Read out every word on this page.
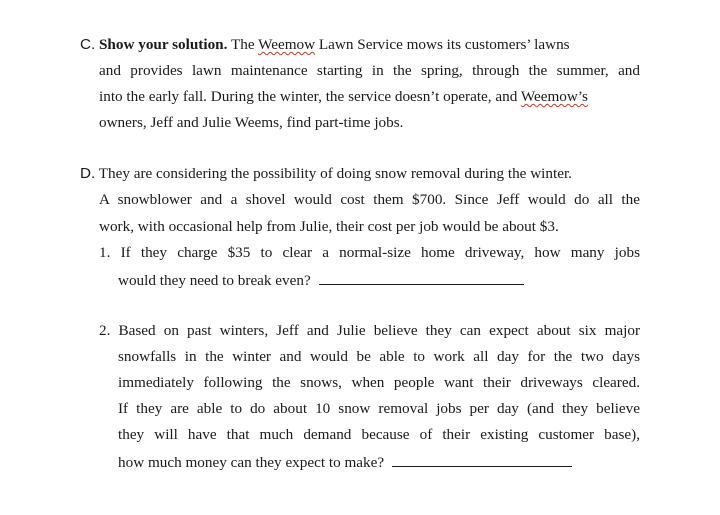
C. Show your solution. The Weemow Lawn Service mows its customers’ lawns
and provides lawn maintenance starting in the spring, through the summer, and
into the early fall. During the winter, the service doesn’t operate, and Weemow’s
owners, Jeff and Julie Weems, find part-time jobs.
D. They are considering the possibility of doing snow removal during the winter.
A snowblower and a shovel would cost them $700. Since Jeff would do all the
work, with occasional help from Julie, their cost per job would be about $3.
1. If they charge $35 to clear a normal-size home driveway, how many jobs
would they need to break even?
2. Based on past winters, Jeff and Julie believe they can expect about six major
snowfalls in the winter and would be able to work all day for the two days
immediately following the snows, when people want their driveways cleared.
If they are able to do about 10 snow removal jobs per day (and they believe
they will have that much demand because of their existing customer base),
how much money can they expect to make?
